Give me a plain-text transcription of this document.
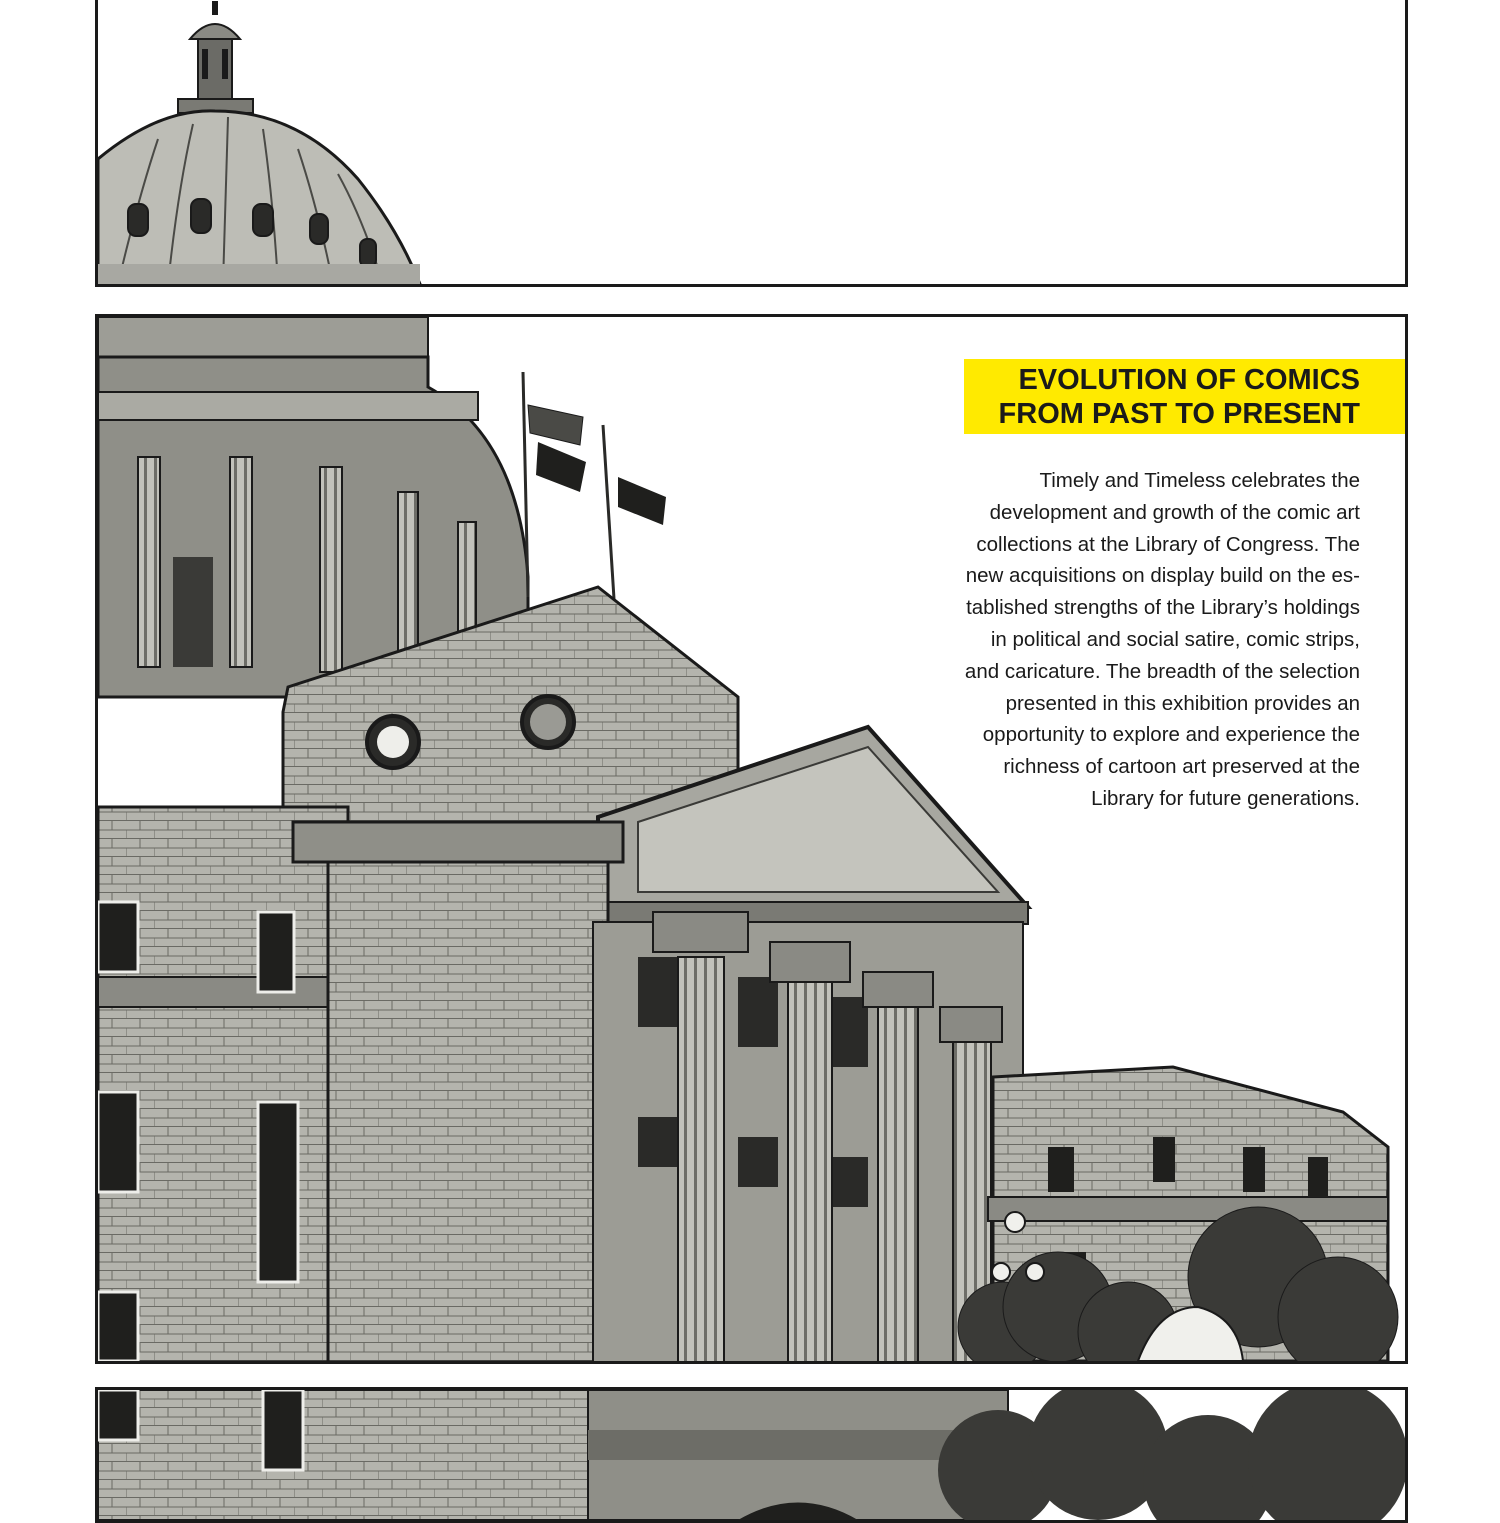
EVOLUTION OF COMICS
FROM PAST TO PRESENT
Timely and Timeless celebrates the
development and growth of the comic art
collections at the Library of Congress. The
new acquisitions on display build on the es-
tablished strengths of the Library’s holdings
in political and social satire, comic strips,
and caricature. The breadth of the selection
presented in this exhibition provides an
opportunity to explore and experience the
richness of cartoon art preserved at the
Library for future generations.
